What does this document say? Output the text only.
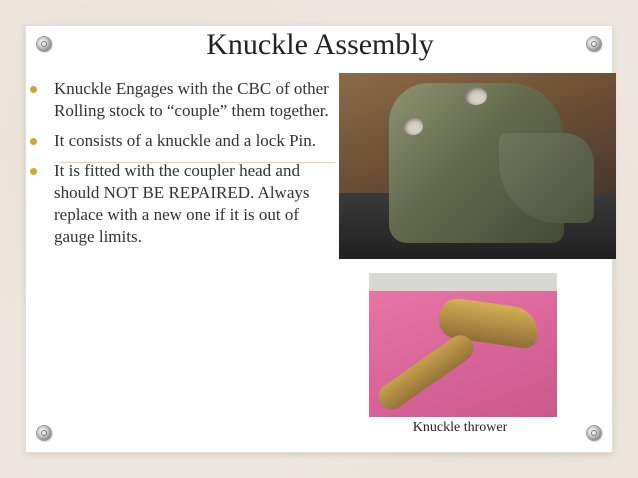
Knuckle Assembly
Knuckle Engages with the CBC of other Rolling stock to “couple” them together.
It consists of a knuckle and a lock Pin.
It is fitted with the coupler head and should NOT BE REPAIRED. Always replace with a new one if it is out of gauge limits.
Knuckle thrower
